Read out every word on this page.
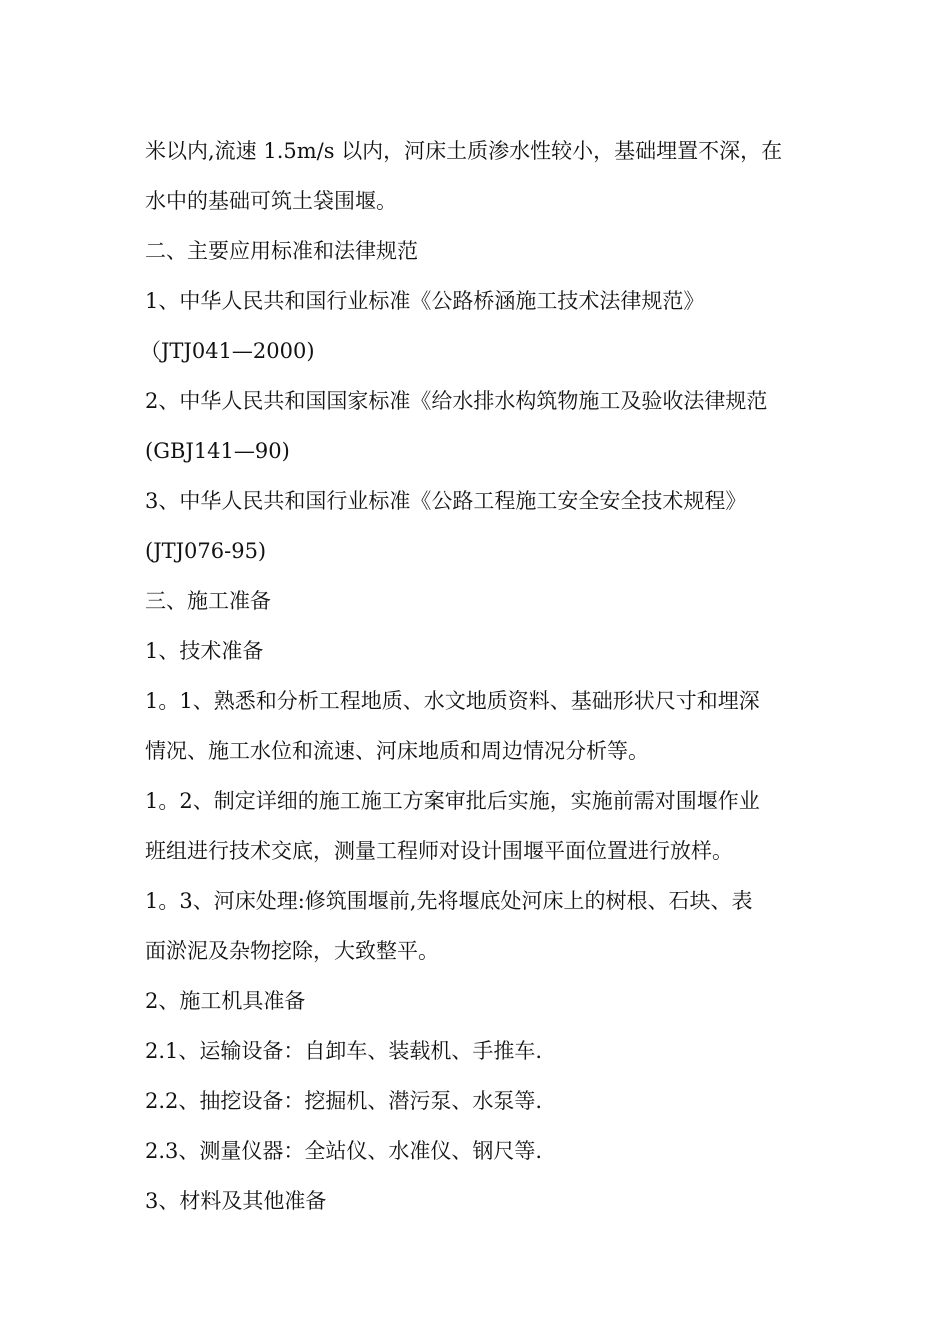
米以内,流速 1.5m/s 以内，河床土质渗水性较小，基础埋置不深，在
水中的基础可筑土袋围堰。
二、主要应用标准和法律规范
1、中华人民共和国行业标准《公路桥涵施工技术法律规范》
（JTJ041—2000)
2、中华人民共和国国家标准《给水排水构筑物施工及验收法律规范
(GBJ141—90)
3、中华人民共和国行业标准《公路工程施工安全安全技术规程》
(JTJ076-95)
三、施工准备
1、技术准备
1。1、熟悉和分析工程地质、水文地质资料、基础形状尺寸和埋深
情况、施工水位和流速、河床地质和周边情况分析等。
1。2、制定详细的施工施工方案审批后实施，实施前需对围堰作业
班组进行技术交底，测量工程师对设计围堰平面位置进行放样。
1。3、河床处理:修筑围堰前,先将堰底处河床上的树根、石块、表
面淤泥及杂物挖除，大致整平。
2、施工机具准备
2.1、运输设备：自卸车、装载机、手推车.
2.2、抽挖设备：挖掘机、潜污泵、水泵等.
2.3、测量仪器：全站仪、水准仪、钢尺等.
3、材料及其他准备
